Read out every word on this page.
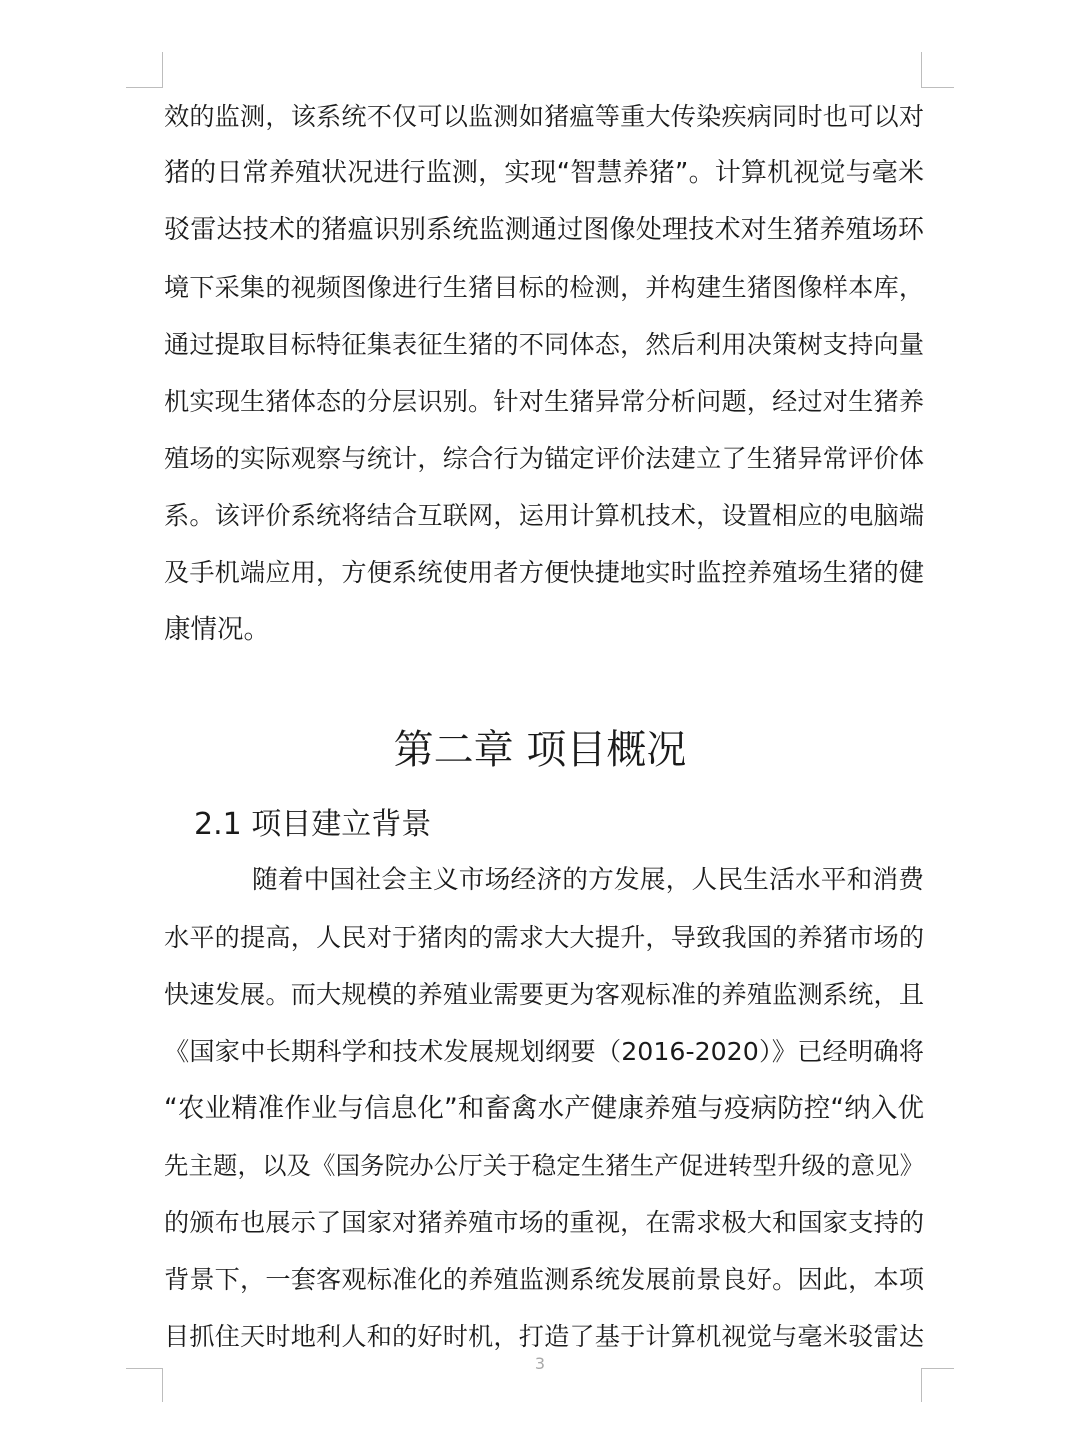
效的监测，该系统不仅可以监测如猪瘟等重大传染疾病同时也可以对
猪的日常养殖状况进行监测，实现“智慧养猪”。计算机视觉与毫米
驳雷达技术的猪瘟识别系统监测通过图像处理技术对生猪养殖场环
境下采集的视频图像进行生猪目标的检测，并构建生猪图像样本库，
通过提取目标特征集表征生猪的不同体态，然后利用决策树支持向量
机实现生猪体态的分层识别。针对生猪异常分析问题，经过对生猪养
殖场的实际观察与统计，综合行为锚定评价法建立了生猪异常评价体
系。该评价系统将结合互联网，运用计算机技术，设置相应的电脑端
及手机端应用，方便系统使用者方便快捷地实时监控养殖场生猪的健
康情况。
第二章 项目概况
2.1 项目建立背景
随着中国社会主义市场经济的方发展，人民生活水平和消费
水平的提高，人民对于猪肉的需求大大提升，导致我国的养猪市场的
快速发展。而大规模的养殖业需要更为客观标准的养殖监测系统，且
《国家中长期科学和技术发展规划纲要（2016-2020）》已经明确将
“农业精准作业与信息化”和畜禽水产健康养殖与疫病防控“纳入优
先主题，以及《国务院办公厅关于稳定生猪生产促进转型升级的意见》
的颁布也展示了国家对猪养殖市场的重视，在需求极大和国家支持的
背景下，一套客观标准化的养殖监测系统发展前景良好。因此，本项
目抓住天时地利人和的好时机，打造了基于计算机视觉与毫米驳雷达
3
